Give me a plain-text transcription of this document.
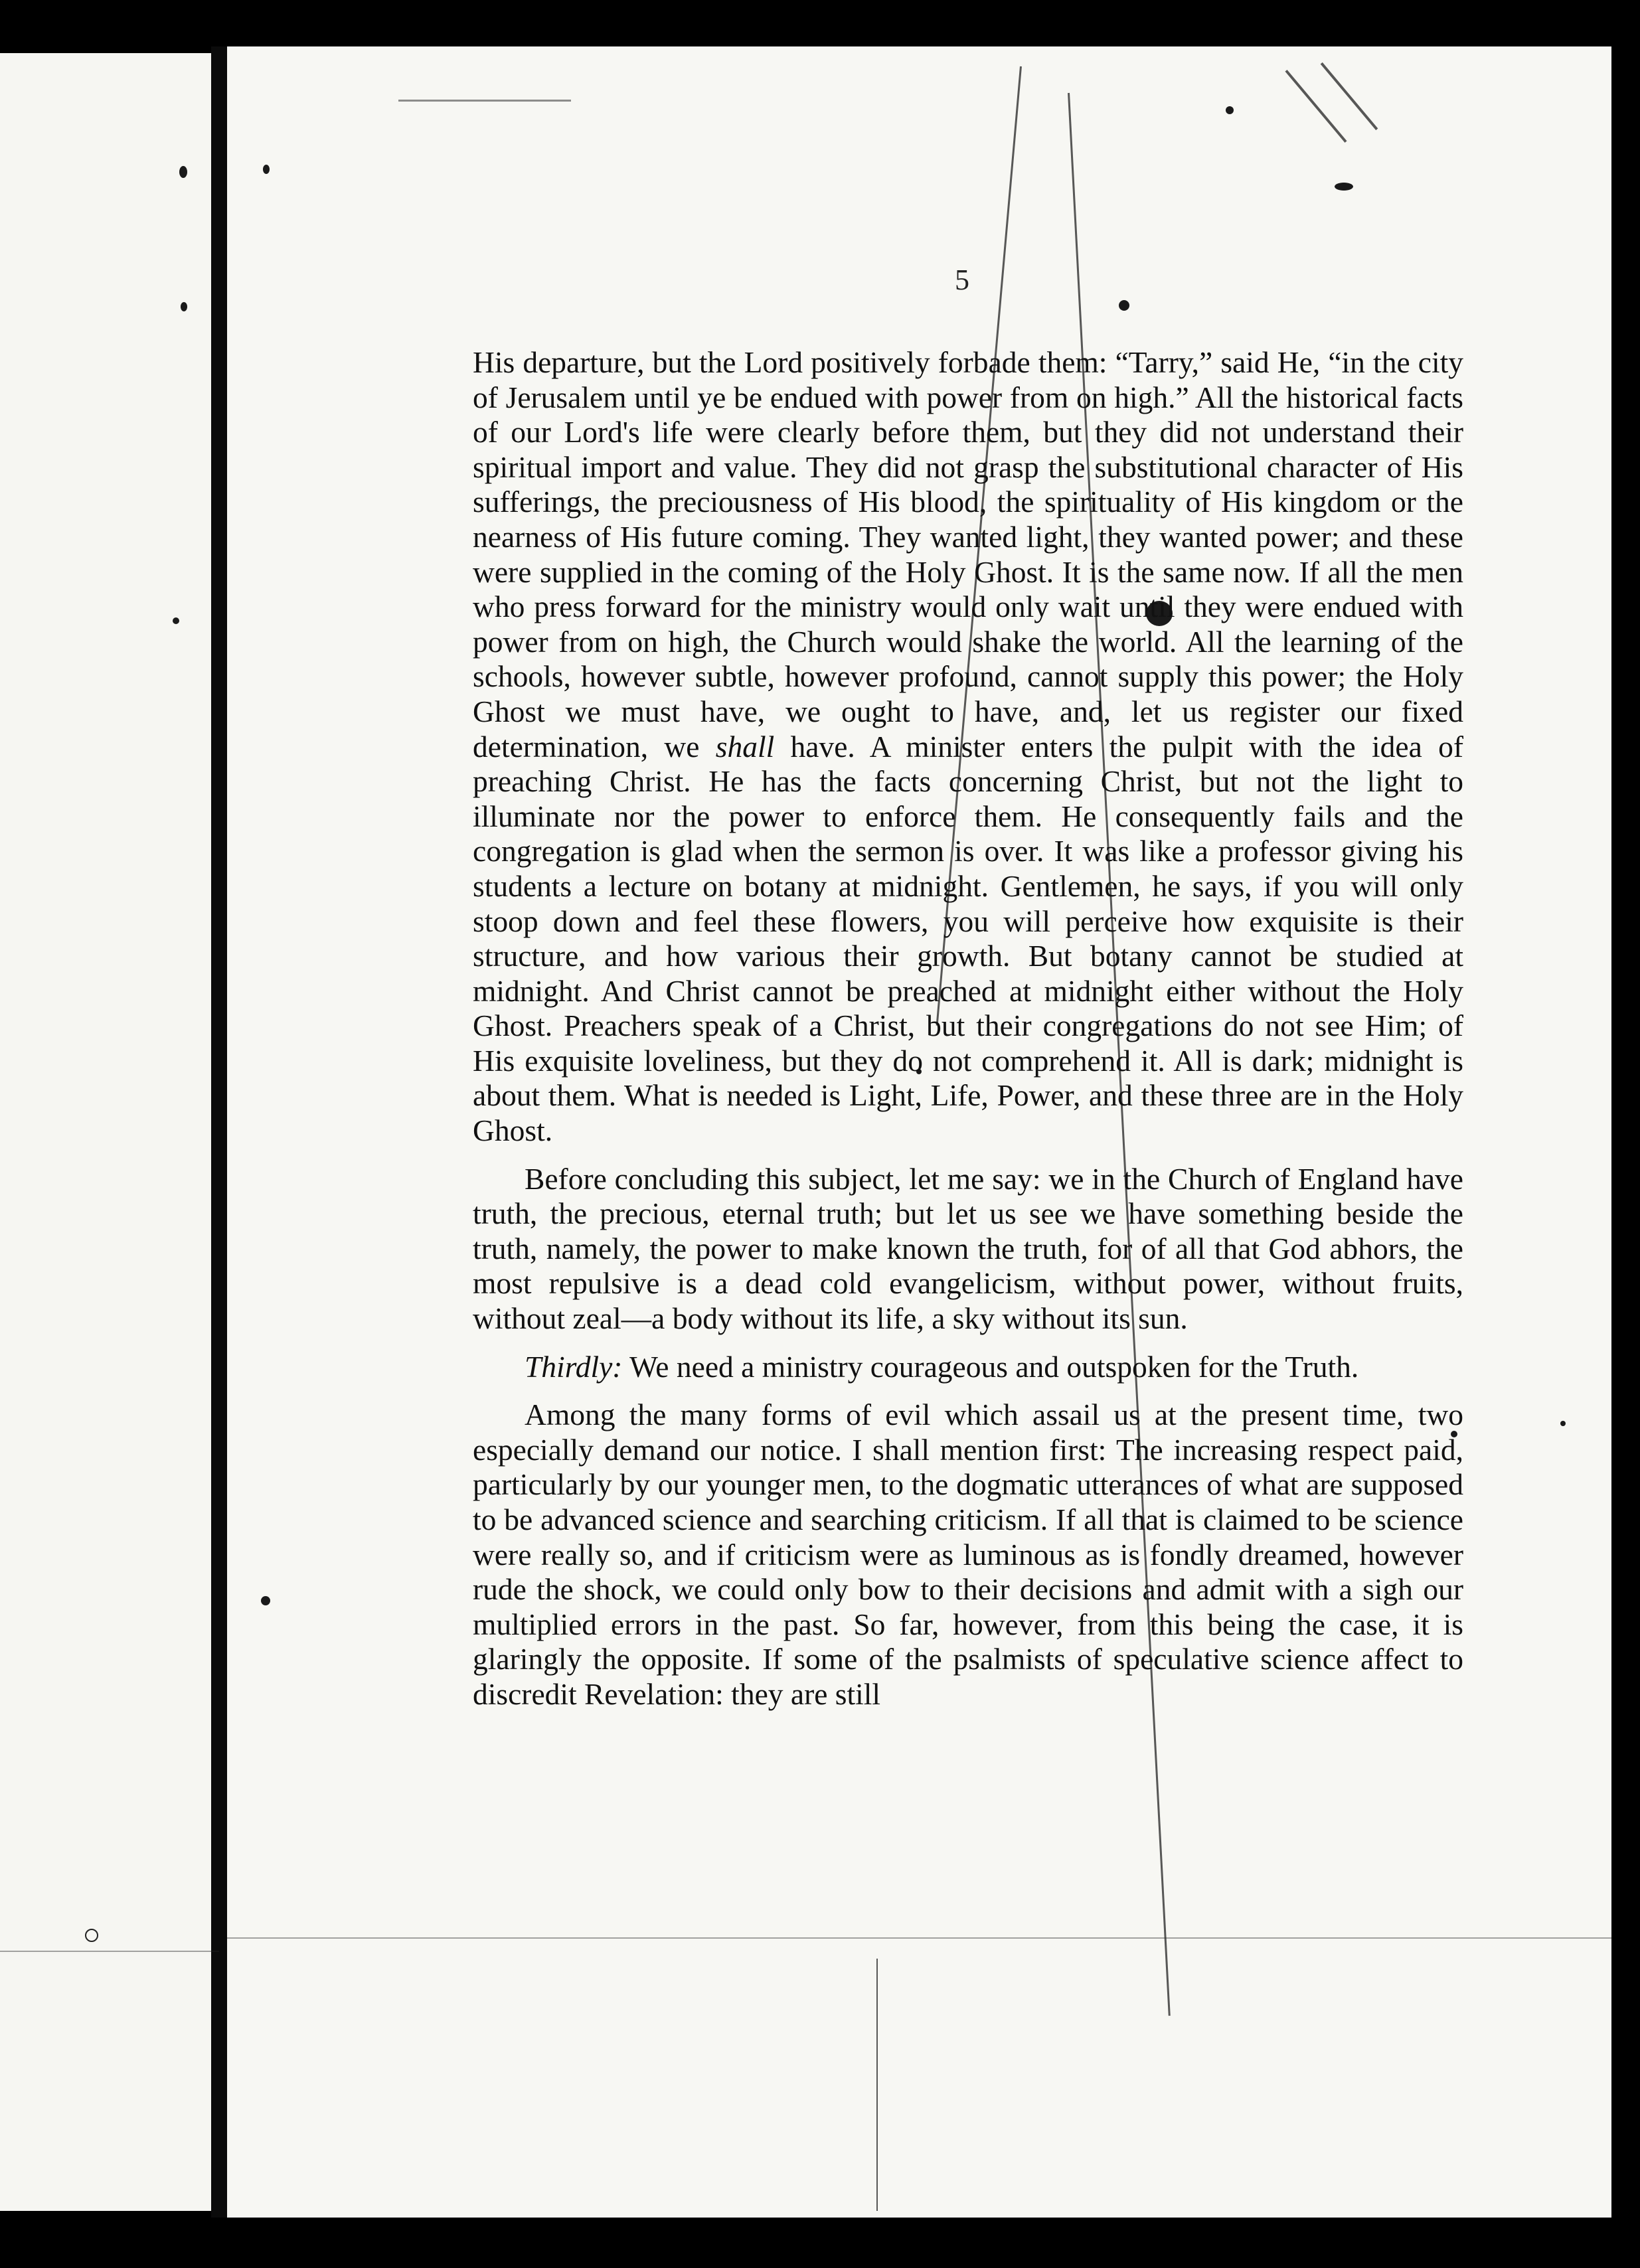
5

His departure, but the Lord positively forbade them: “Tarry,” said He, “in the city of Jerusalem until ye be endued with power from on high.” All the historical facts of our Lord's life were clearly before them, but they did not understand their spiritual import and value. They did not grasp the substitutional character of His sufferings, the preciousness of His blood, the spirituality of His kingdom or the nearness of His future coming. They wanted light, they wanted power; and these were supplied in the coming of the Holy Ghost. It is the same now. If all the men who press forward for the ministry would only wait until they were endued with power from on high, the Church would shake the world. All the learning of the schools, however subtle, however profound, cannot supply this power; the Holy Ghost we must have, we ought to have, and, let us register our fixed determination, we shall have. A minister enters the pulpit with the idea of preaching Christ. He has the facts concerning Christ, but not the light to illuminate nor the power to enforce them. He consequently fails and the congregation is glad when the sermon is over. It was like a professor giving his students a lecture on botany at midnight. Gentlemen, he says, if you will only stoop down and feel these flowers, you will perceive how exquisite is their structure, and how various their growth. But botany cannot be studied at midnight. And Christ cannot be preached at midnight either without the Holy Ghost. Preachers speak of a Christ, but their congregations do not see Him; of His exquisite loveliness, but they do not comprehend it. All is dark; midnight is about them. What is needed is Light, Life, Power, and these three are in the Holy Ghost.

Before concluding this subject, let me say: we in the Church of England have truth, the precious, eternal truth; but let us see we have something beside the truth, namely, the power to make known the truth, for of all that God abhors, the most repulsive is a dead cold evangelicism, without power, without fruits, without zeal—a body without its life, a sky without its sun.

Thirdly: We need a ministry courageous and outspoken for the Truth.

Among the many forms of evil which assail us at the present time, two especially demand our notice. I shall mention first: The increasing respect paid, particularly by our younger men, to the dogmatic utterances of what are supposed to be advanced science and searching criticism. If all that is claimed to be science were really so, and if criticism were as luminous as is fondly dreamed, however rude the shock, we could only bow to their decisions and admit with a sigh our multiplied errors in the past. So far, however, from this being the case, it is glaringly the opposite. If some of the psalmists of speculative science affect to discredit Revelation: they are still
